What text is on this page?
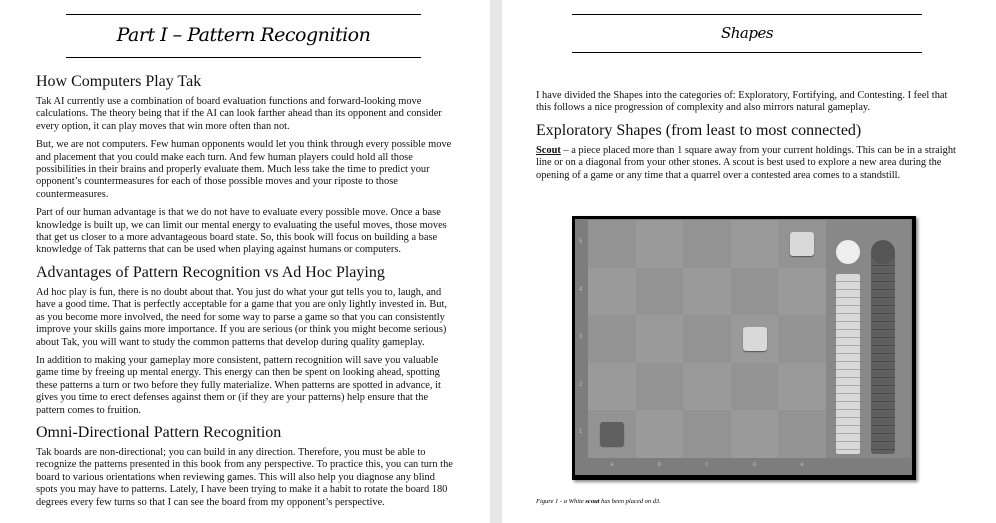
Part I – Pattern Recognition
How Computers Play Tak
Tak AI currently use a combination of board evaluation functions and forward-looking move calculations. The theory being that if the AI can look farther ahead than its opponent and consider every option, it can play moves that win more often than not.
But, we are not computers. Few human opponents would let you think through every possible move and placement that you could make each turn. And few human players could hold all those possibilities in their brains and properly evaluate them. Much less take the time to predict your opponent’s countermeasures for each of those possible moves and your riposte to those countermeasures.
Part of our human advantage is that we do not have to evaluate every possible move. Once a base knowledge is built up, we can limit our mental energy to evaluating the useful moves, those moves that get us closer to a more advantageous board state. So, this book will focus on building a base knowledge of Tak patterns that can be used when playing against humans or computers.
Advantages of Pattern Recognition vs Ad Hoc Playing
Ad hoc play is fun, there is no doubt about that. You just do what your gut tells you to, laugh, and have a good time. That is perfectly acceptable for a game that you are only lightly invested in. But, as you become more involved, the need for some way to parse a game so that you can consistently improve your skills gains more importance. If you are serious (or think you might become serious) about Tak, you will want to study the common patterns that develop during quality gameplay.
In addition to making your gameplay more consistent, pattern recognition will save you valuable game time by freeing up mental energy. This energy can then be spent on looking ahead, spotting these patterns a turn or two before they fully materialize. When patterns are spotted in advance, it gives you time to erect defenses against them or (if they are your patterns) help ensure that the pattern comes to fruition.
Omni-Directional Pattern Recognition
Tak boards are non-directional; you can build in any direction. Therefore, you must be able to recognize the patterns presented in this book from any perspective. To practice this, you can turn the board to various orientations when reviewing games. This will also help you diagnose any blind spots you may have to patterns. Lately, I have been trying to make it a habit to rotate the board 180 degrees every few turns so that I can see the board from my opponent’s perspective.
Shapes
I have divided the Shapes into the categories of: Exploratory, Fortifying, and Contesting. I feel that this follows a nice progression of complexity and also mirrors natural gameplay.
Exploratory Shapes (from least to most connected)
Scout – a piece placed more than 1 square away from your current holdings. This can be in a straight line or on a diagonal from your other stones. A scout is best used to explore a new area during the opening of a game or any time that a quarrel over a contested area comes to a standstill.
5
4
3
2
1
a	b	c	d	e
Figure 1 - a White scout has been placed on d3.
